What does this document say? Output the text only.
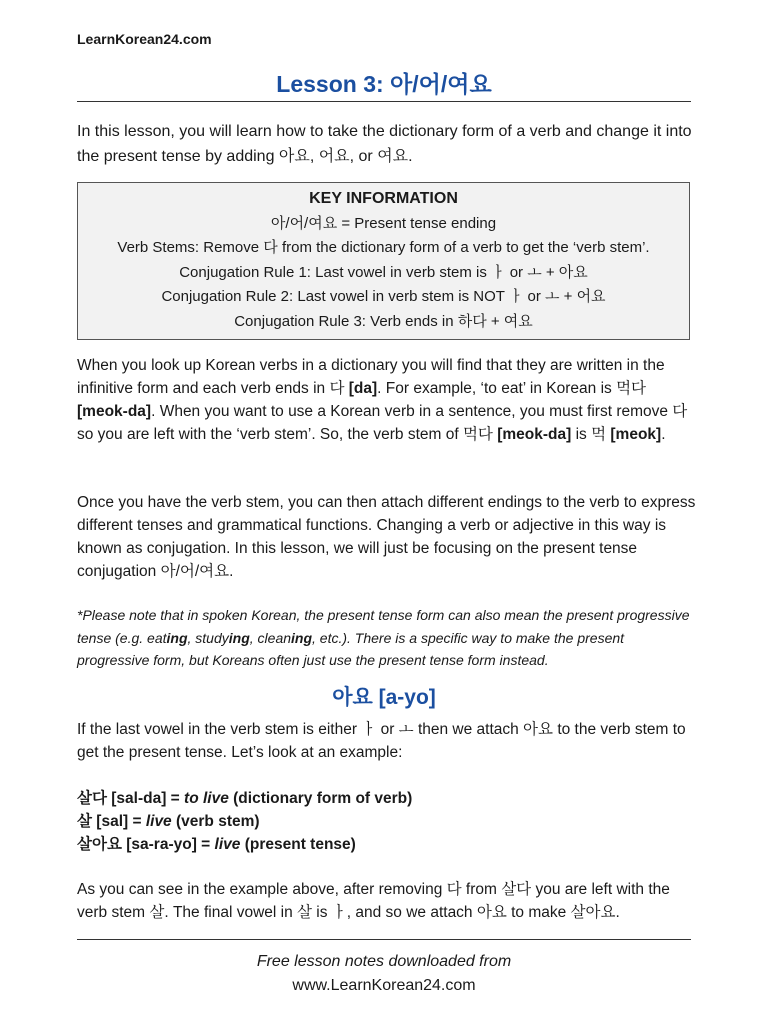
LearnKorean24.com
Lesson 3: 아/어/여요

In this lesson, you will learn how to take the dictionary form of a verb and change it into the present tense by adding 아요, 어요, or 여요.

KEY INFORMATION
아/어/여요 = Present tense ending
Verb Stems: Remove 다 from the dictionary form of a verb to get the ‘verb stem’.
Conjugation Rule 1: Last vowel in verb stem is ㅏ or ㅗ + 아요
Conjugation Rule 2: Last vowel in verb stem is NOT ㅏ or ㅗ + 어요
Conjugation Rule 3: Verb ends in 하다 + 여요

When you look up Korean verbs in a dictionary you will find that they are written in the infinitive form and each verb ends in 다 [da]. For example, ‘to eat’ in Korean is 먹다 [meok-da]. When you want to use a Korean verb in a sentence, you must first remove 다 so you are left with the ‘verb stem’. So, the verb stem of 먹다 [meok-da] is 먹 [meok].

Once you have the verb stem, you can then attach different endings to the verb to express different tenses and grammatical functions. Changing a verb or adjective in this way is known as conjugation. In this lesson, we will just be focusing on the present tense conjugation 아/어/여요.

*Please note that in spoken Korean, the present tense form can also mean the present progressive tense (e.g. eating, studying, cleaning, etc.). There is a specific way to make the present progressive form, but Koreans often just use the present tense form instead.

아요 [a-yo]

If the last vowel in the verb stem is either ㅏ or ㅗ then we attach 아요 to the verb stem to get the present tense. Let’s look at an example:

살다 [sal-da] = to live (dictionary form of verb)
살 [sal] = live (verb stem)
살아요 [sa-ra-yo] = live (present tense)

As you can see in the example above, after removing 다 from 살다 you are left with the verb stem 살. The final vowel in 살 is ㅏ, and so we attach 아요 to make 살아요.

Free lesson notes downloaded from
www.LearnKorean24.com
